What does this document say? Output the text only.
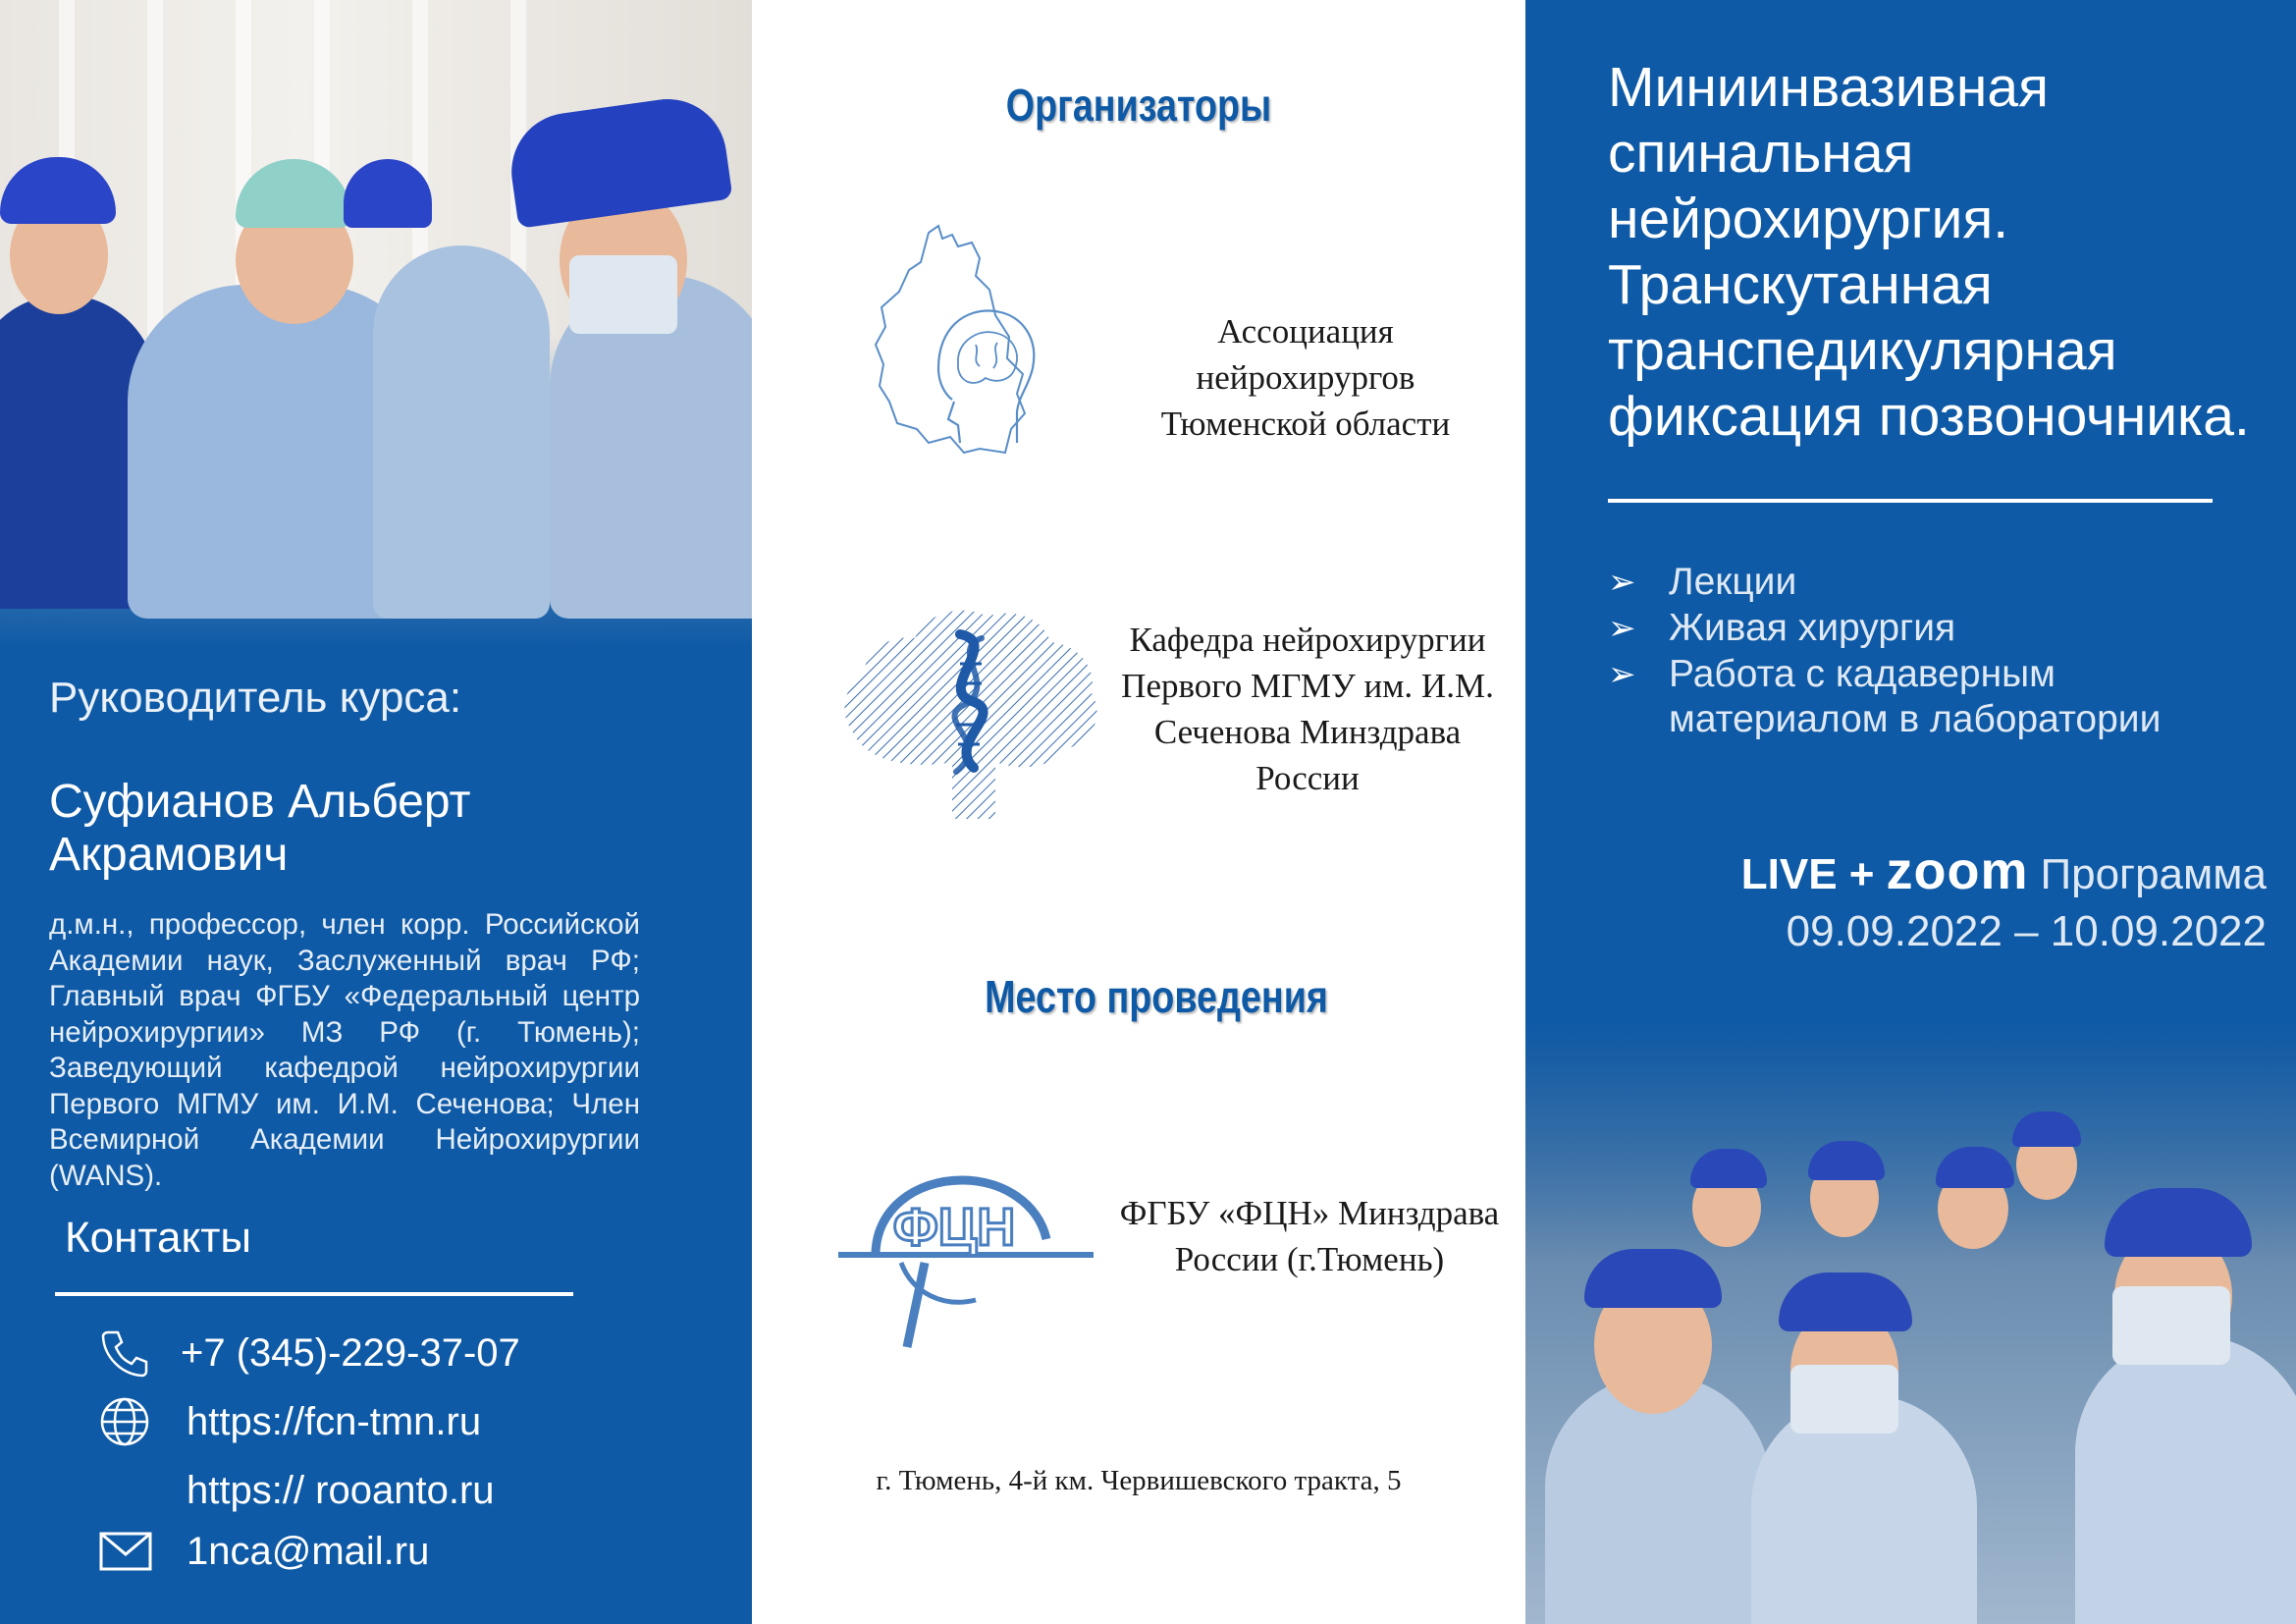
Руководитель курса:
Суфианов Альберт Акрамович
д.м.н., профессор, член корр. Российской Академии наук, Заслуженный врач РФ; Главный врач ФГБУ «Федеральный центр нейрохирургии» МЗ РФ (г. Тюмень); Заведующий кафедрой нейрохирургии Первого МГМУ им. И.М. Сеченова; Член Всемирной Академии Нейрохирургии (WANS).
Контакты
+7 (345)-229-37-07
https://fcn-tmn.ru
https:// rooanto.ru
1nca@mail.ru
Организаторы
Ассоциация нейрохирургов Тюменской области
Кафедра нейрохирургии Первого МГМУ им. И.М. Сеченова Минздрава России
Место проведения
ФЦН	ФГБУ «ФЦН» Минздрава России (г.Тюмень)
г. Тюмень, 4-й км. Червишевского тракта, 5
Миниинвазивная спинальная нейрохирургия. Транскутанная транспедикулярная фиксация позвоночника.
➢ Лекции
➢ Живая хирургия
➢ Работа с кадаверным материалом в лаборатории
LIVE + zoom Программа
09.09.2022 – 10.09.2022
